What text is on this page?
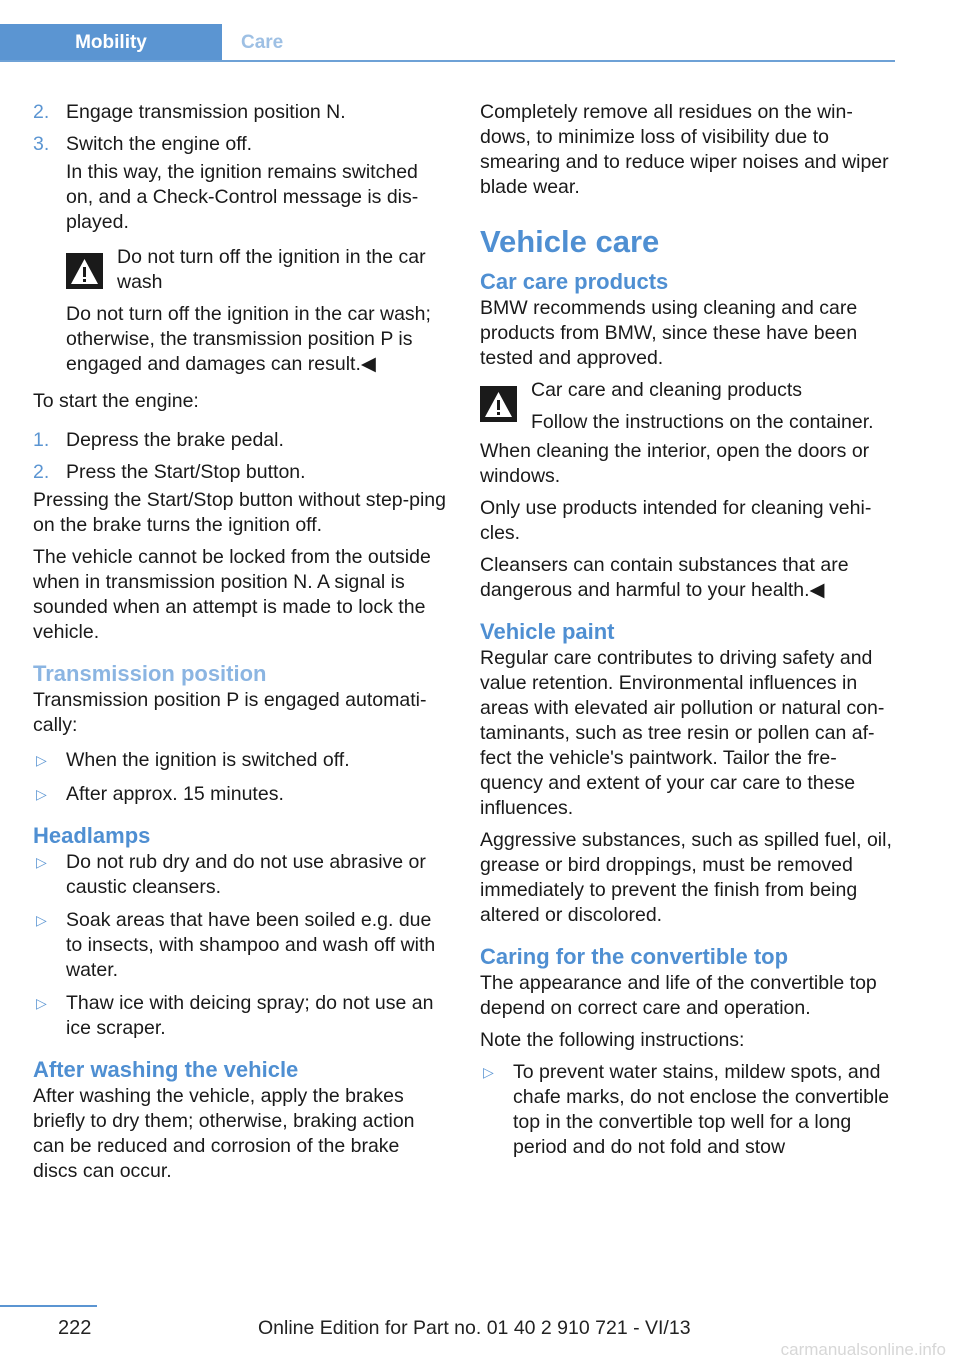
Mobility	Care
2. Engage transmission position N.
3. Switch the engine off.
In this way, the ignition remains switched on, and a Check-Control message is dis-played.
Do not turn off the ignition in the car wash
Do not turn off the ignition in the car wash; otherwise, the transmission position P is engaged and damages can result.◀

To start the engine:

1. Depress the brake pedal.
2. Press the Start/Stop button.

Pressing the Start/Stop button without step-ping on the brake turns the ignition off.

The vehicle cannot be locked from the outside when in transmission position N. A signal is sounded when an attempt is made to lock the vehicle.

Transmission position

Transmission position P is engaged automati-cally:

▷ When the ignition is switched off.
▷ After approx. 15 minutes.
Headlamps
▷ Do not rub dry and do not use abrasive or caustic cleansers.
▷ Soak areas that have been soiled e.g. due to insects, with shampoo and wash off with water.
▷ Thaw ice with deicing spray; do not use an ice scraper.
After washing the vehicle

After washing the vehicle, apply the brakes briefly to dry them; otherwise, braking action can be reduced and corrosion of the brake discs can occur.

Completely remove all residues on the win-dows, to minimize loss of visibility due to smearing and to reduce wiper noises and wiper blade wear.

Vehicle care
Car care products

BMW recommends using cleaning and care products from BMW, since these have been tested and approved.

Car care and cleaning products
Follow the instructions on the container.

When cleaning the interior, open the doors or windows.

Only use products intended for cleaning vehi-cles.

Cleansers can contain substances that are dangerous and harmful to your health.◀

Vehicle paint

Regular care contributes to driving safety and value retention. Environmental influences in areas with elevated air pollution or natural con-taminants, such as tree resin or pollen can af-fect the vehicle's paintwork. Tailor the fre-quency and extent of your car care to these influences.

Aggressive substances, such as spilled fuel, oil, grease or bird droppings, must be removed immediately to prevent the finish from being altered or discolored.

Caring for the convertible top

The appearance and life of the convertible top depend on correct care and operation.

Note the following instructions:

▷ To prevent water stains, mildew spots, and chafe marks, do not enclose the convertible top in the convertible top well for a long period and do not fold and stow
222	Online Edition for Part no. 01 40 2 910 721 - VI/13
carmanualsonline.info
